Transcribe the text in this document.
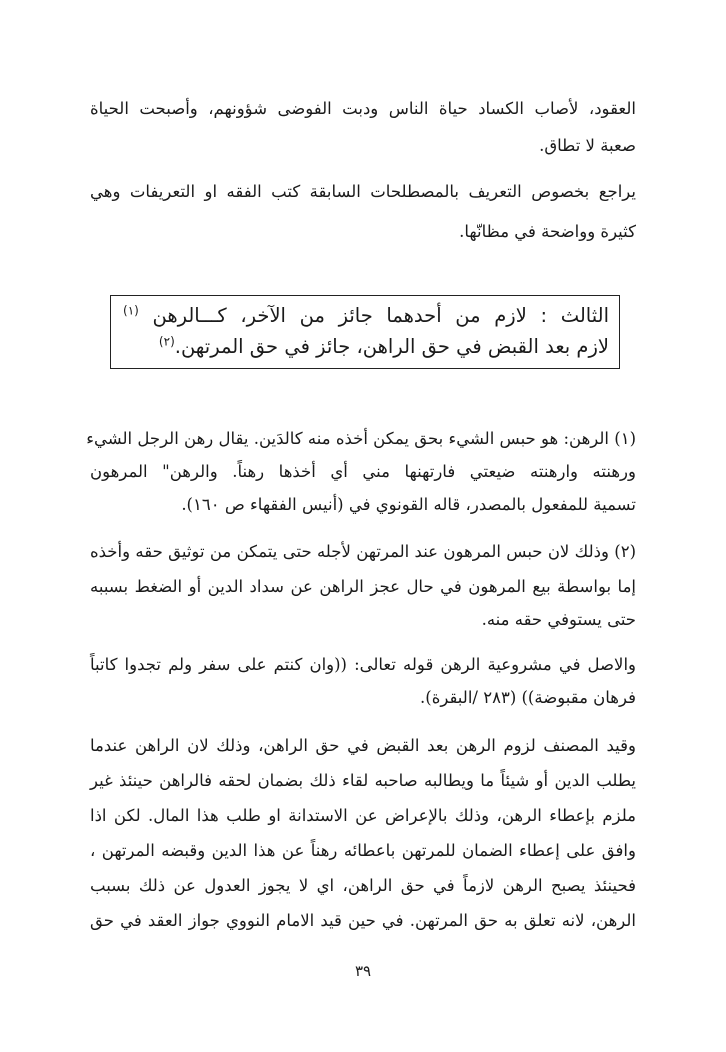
العقود، لأصاب الكساد حياة الناس ودبت الفوضى شؤونهم، وأصبحت الحياة
صعبة لا تطاق.
يراجع بخصوص التعريف بالمصطلحات السابقة كتب الفقه او التعريفات وهي
كثيرة وواضحة في مظانّها.
الثالث : لازم من أحدهما جائز من الآخر، كـــالرهن $^{(١)}$
لازم بعد القبض في حق الراهن، جائز في حق المرتهن.$^{(٢)}$
(١) الرهن: هو حبس الشيء بحق يمكن أخذه منه كالدَين. يقال رهن الرجل الشيء
ورهنته وارهنته ضيعتي فارتهنها مني أي أخذها رهناً. والرهن" المرهون
تسمية للمفعول بالمصدر، قاله القونوي في (أنيس الفقهاء ص ١٦٠).
(٢) وذلك لان حبس المرهون عند المرتهن لأجله حتى يتمكن من توثيق حقه وأخذه
إما بواسطة بيع المرهون في حال عجز الراهن عن سداد الدين أو الضغط بسببه
حتى يستوفي حقه منه.
والاصل في مشروعية الرهن قوله تعالى: ((وان كنتم على سفر ولم تجدوا كاتباً
فرهان مقبوضة)) (٢٨٣ /البقرة).
وقيد المصنف لزوم الرهن بعد القبض في حق الراهن، وذلك لان الراهن عندما
يطلب الدين أو شيئاً ما ويطالبه صاحبه لقاء ذلك بضمان لحقه فالراهن حينئذ غير
ملزم بإعطاء الرهن، وذلك بالإعراض عن الاستدانة او طلب هذا المال. لكن اذا
وافق على إعطاء الضمان للمرتهن باعطائه رهناً عن هذا الدين وقبضه المرتهن ،
فحينئذ يصبح الرهن لازماً في حق الراهن، اي لا يجوز العدول عن ذلك بسبب
الرهن، لانه تعلق به حق المرتهن. في حين قيد الامام النووي جواز العقد في حق
٣٩
